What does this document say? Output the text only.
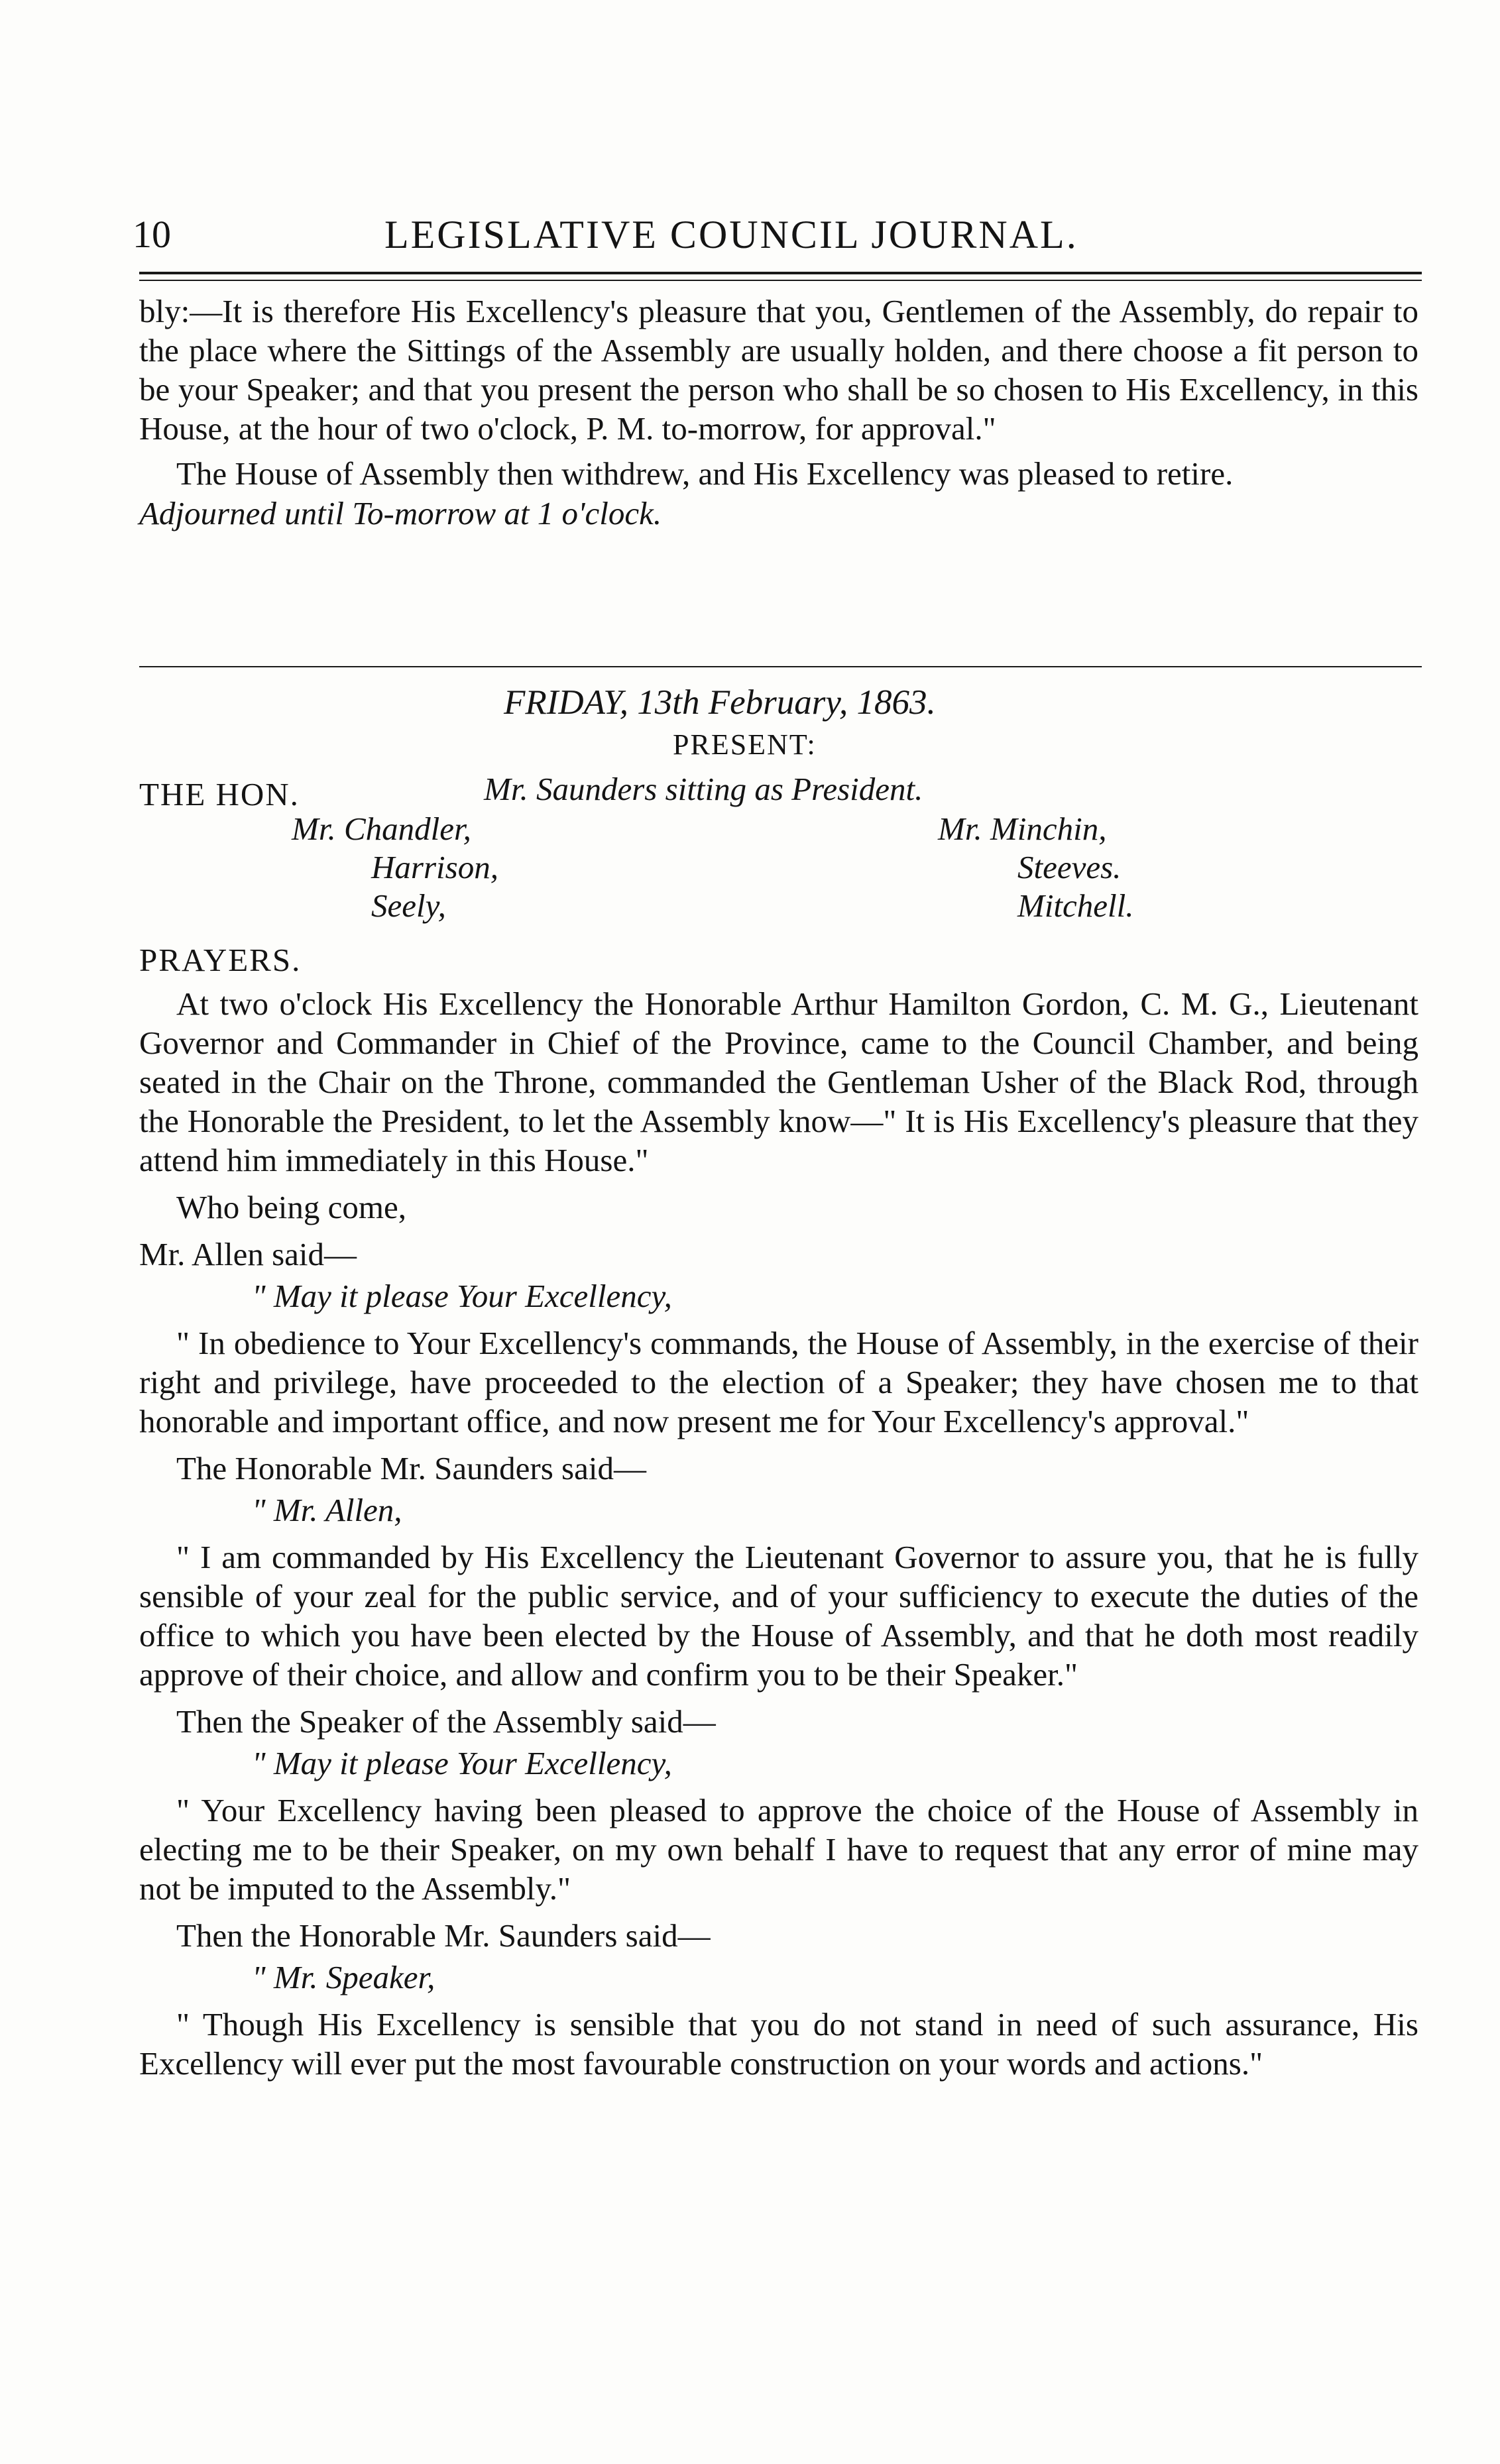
10	LEGISLATIVE COUNCIL JOURNAL.

bly:—It is therefore His Excellency's pleasure that you, Gentlemen of the Assembly, do repair to the place where the Sittings of the Assembly are usually holden, and there choose a fit person to be your Speaker; and that you present the person who shall be so chosen to His Excellency, in this House, at the hour of two o'clock, P. M. to-morrow, for approval."

The House of Assembly then withdrew, and His Excellency was pleased to retire.

Adjourned until To-morrow at 1 o'clock.

FRIDAY, 13th February, 1863.
PRESENT:
THE HON.	Mr. Saunders sitting as President.
Mr. Chandler,
Harrison,
Seely,
Mr. Minchin,
Steeves.
Mitchell.
PRAYERS.

At two o'clock His Excellency the Honorable Arthur Hamilton Gordon, C. M. G., Lieutenant Governor and Commander in Chief of the Province, came to the Council Chamber, and being seated in the Chair on the Throne, commanded the Gentleman Usher of the Black Rod, through the Honorable the President, to let the Assembly know—" It is His Excellency's pleasure that they attend him immediately in this House."

Who being come,

Mr. Allen said—

" May it please Your Excellency,

" In obedience to Your Excellency's commands, the House of Assembly, in the exercise of their right and privilege, have proceeded to the election of a Speaker; they have chosen me to that honorable and important office, and now present me for Your Excellency's approval."

The Honorable Mr. Saunders said—

" Mr. Allen,

" I am commanded by His Excellency the Lieutenant Governor to assure you, that he is fully sensible of your zeal for the public service, and of your sufficiency to execute the duties of the office to which you have been elected by the House of Assembly, and that he doth most readily approve of their choice, and allow and confirm you to be their Speaker."

Then the Speaker of the Assembly said—

" May it please Your Excellency,

" Your Excellency having been pleased to approve the choice of the House of Assembly in electing me to be their Speaker, on my own behalf I have to request that any error of mine may not be imputed to the Assembly."

Then the Honorable Mr. Saunders said—

" Mr. Speaker,

" Though His Excellency is sensible that you do not stand in need of such assurance, His Excellency will ever put the most favourable construction on your words and actions."
